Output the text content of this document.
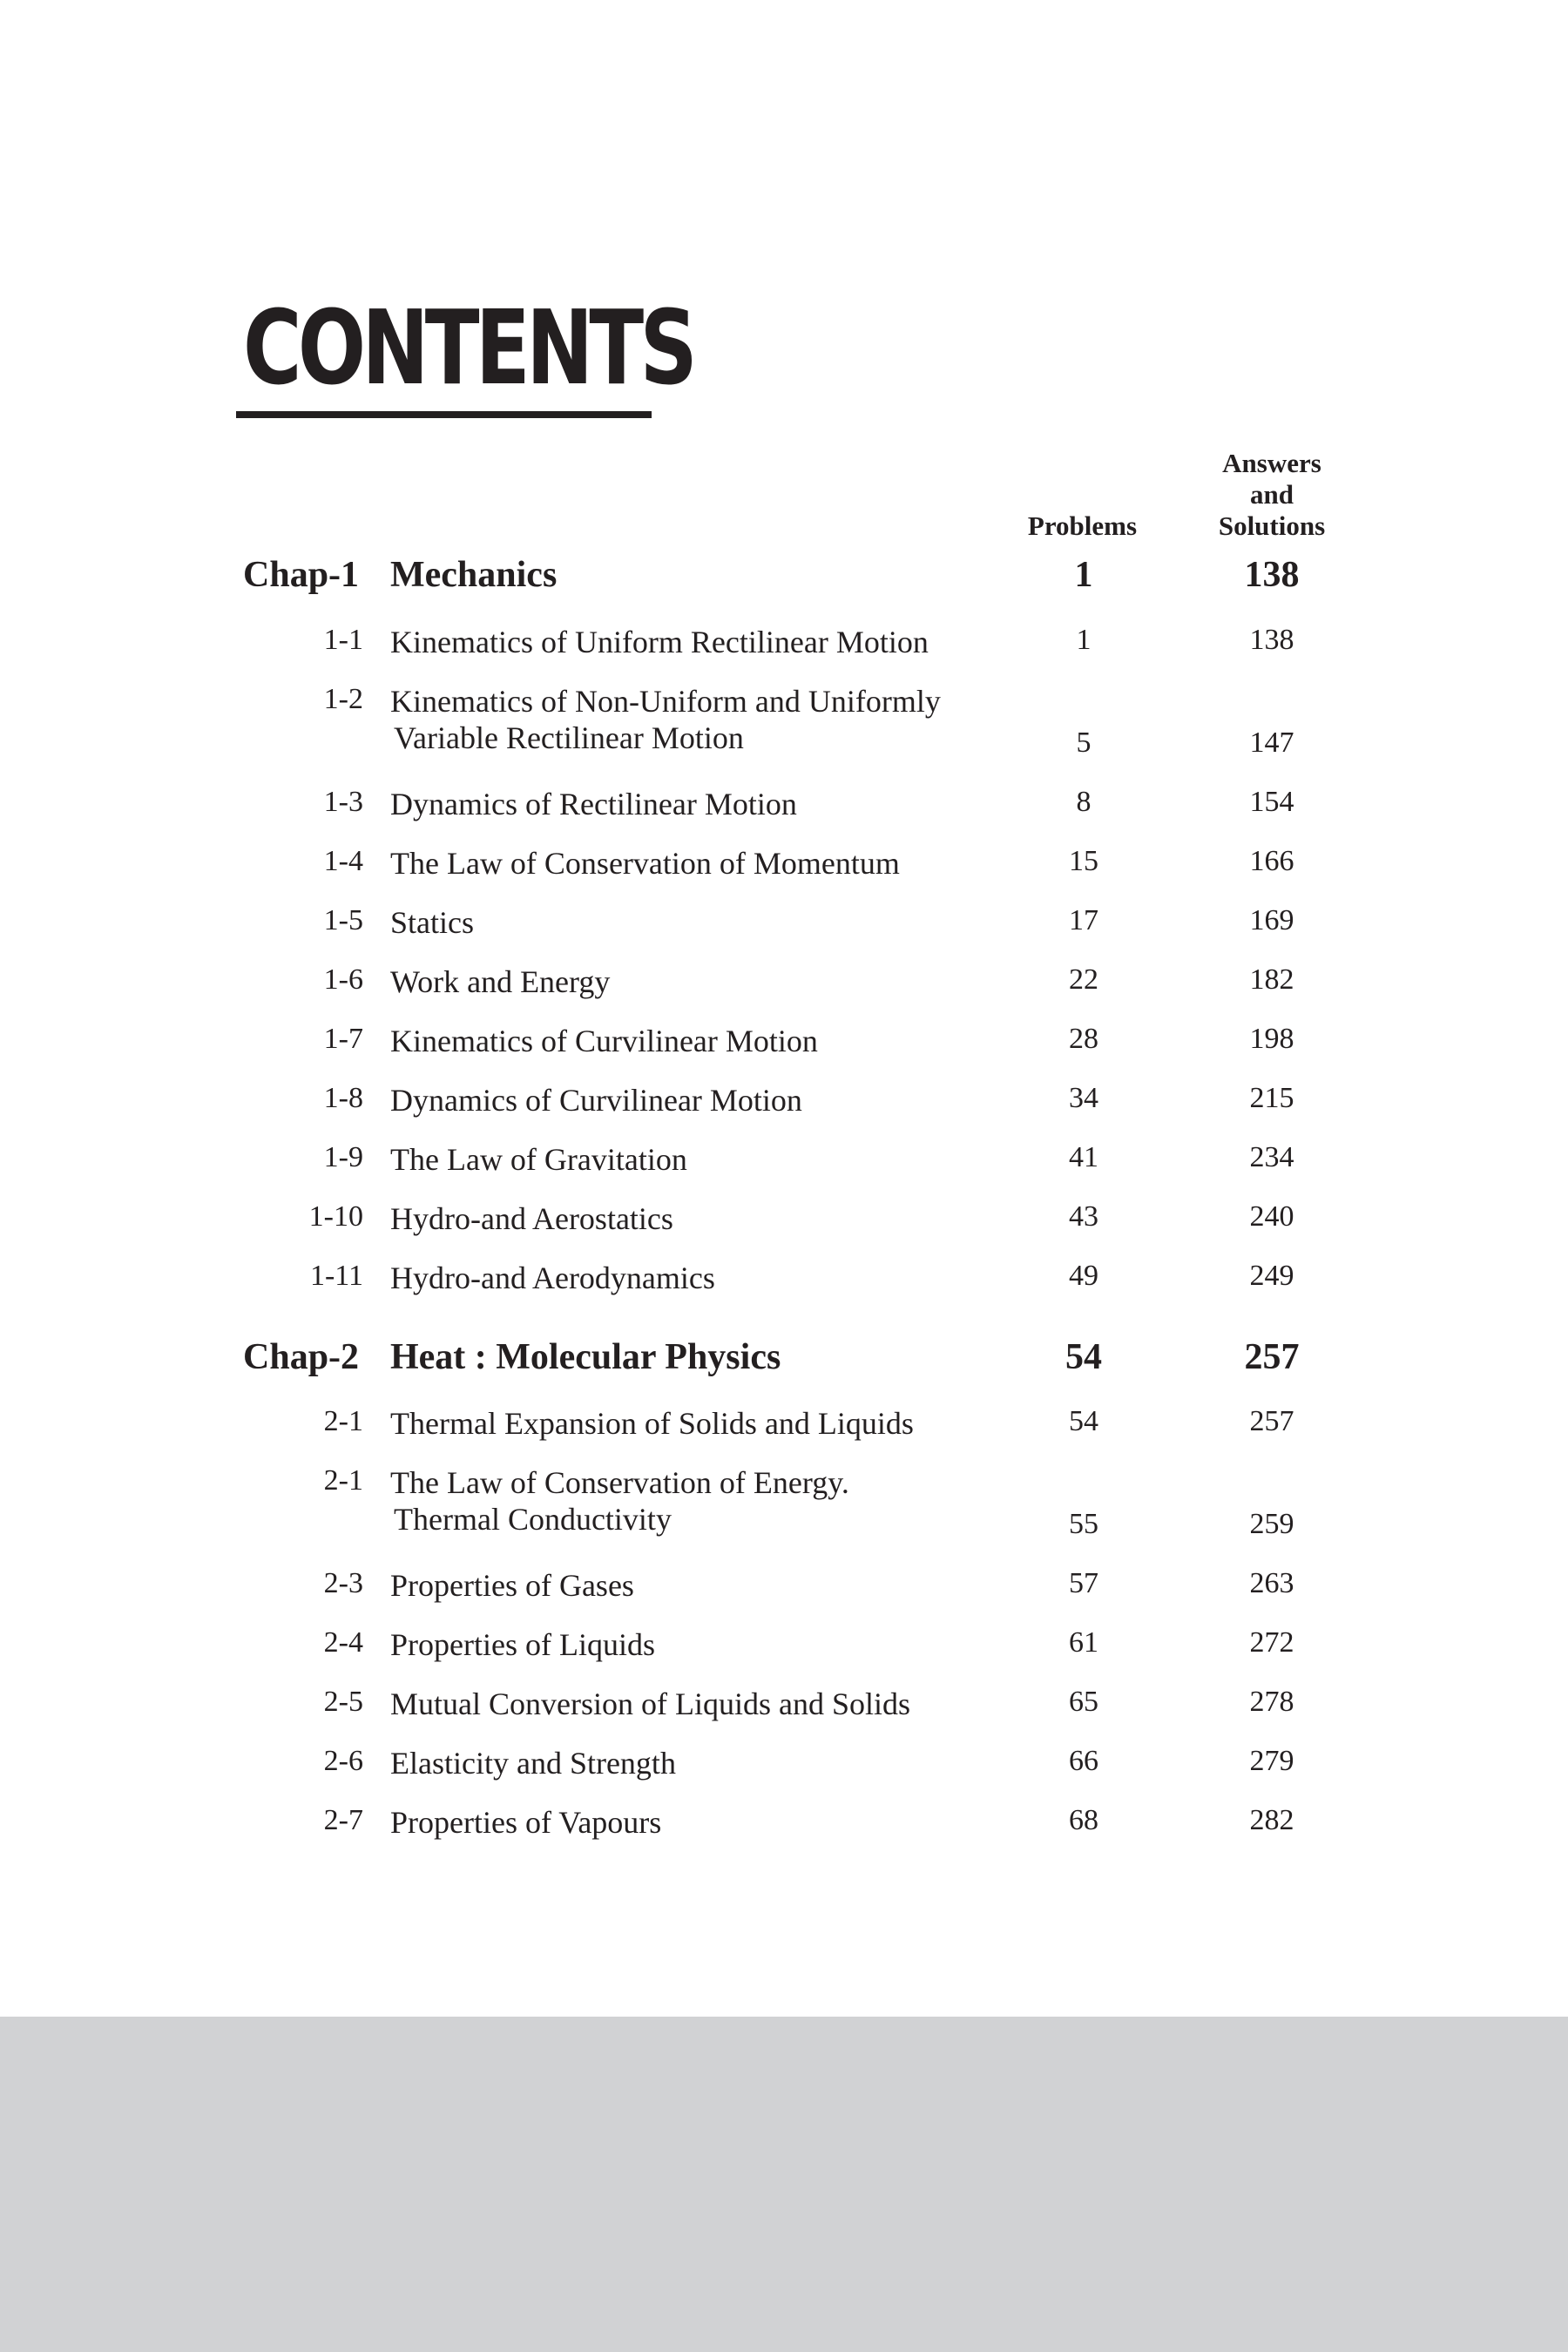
CONTENTS
Problems
Answers
and
Solutions
Chap-1 Mechanics	1	138
1-1 Kinematics of Uniform Rectilinear Motion	1	138
1-2 Kinematics of Non-Uniform and Uniformly
Variable Rectilinear Motion	5	147
1-3 Dynamics of Rectilinear Motion	8	154
1-4 The Law of Conservation of Momentum	15	166
1-5 Statics	17	169
1-6 Work and Energy	22	182
1-7 Kinematics of Curvilinear Motion	28	198
1-8 Dynamics of Curvilinear Motion	34	215
1-9 The Law of Gravitation	41	234
1-10 Hydro-and Aerostatics	43	240
1-11 Hydro-and Aerodynamics	49	249
Chap-2 Heat : Molecular Physics	54	257
2-1 Thermal Expansion of Solids and Liquids	54	257
2-1 The Law of Conservation of Energy.
Thermal Conductivity	55	259
2-3 Properties of Gases	57	263
2-4 Properties of Liquids	61	272
2-5 Mutual Conversion of Liquids and Solids	65	278
2-6 Elasticity and Strength	66	279
2-7 Properties of Vapours	68	282
